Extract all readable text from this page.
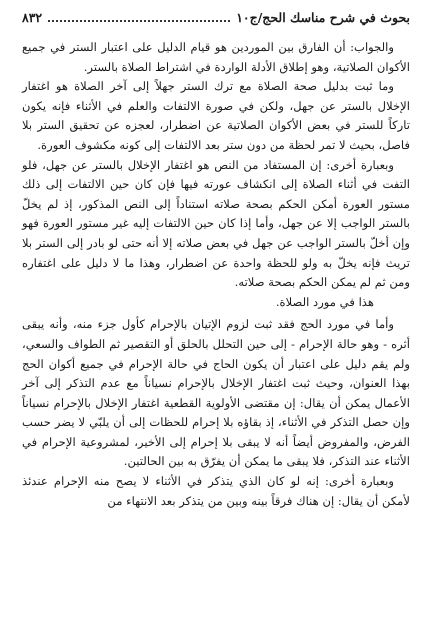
بحوث في شرح مناسك الحج/ج١٠
٨٣٢

والجواب: أن الفارق بين الموردين هو قيام الدليل على اعتبار الستر في جميع الأكوان الصلاتية، وهو إطلاق الأدلة الواردة في اشتراط الصلاة بالستر.

وما ثبت بدليل صحة الصلاة مع ترك الستر جهلاً إلى آخر الصلاة هو اغتفار الإخلال بالستر عن جهل، ولكن في صورة الالتفات والعلم في الأثناء فإنه يكون تاركاً للستر في بعض الأكوان الصلاتية عن اضطرار، لعجزه عن تحقيق الستر بلا فاصل، بحيث لا تمر لحظة من دون ستر بعد الالتفات إلى كونه مكشوف العورة.

وبعبارة أخرى: إن المستفاد من النص هو اغتفار الإخلال بالستر عن جهل، فلو التفت في أثناء الصلاة إلى انكشاف عورته فيها فإن كان حين الالتفات إلى ذلك مستور العورة أمكن الحكم بصحة صلاته استناداً إلى النص المذكور، إذ لم يخلّ بالستر الواجب إلا عن جهل، وأما إذا كان حين الالتفات إليه غير مستور العورة فهو وإن أخلّ بالستر الواجب عن جهل في بعض صلاته إلا أنه حتى لو بادر إلى الستر بلا تريث فإنه يخلّ به ولو للحظة واحدة عن اضطرار، وهذا ما لا دليل على اغتفاره ومن ثم لم يمكن الحكم بصحة صلاته.

هذا في مورد الصلاة.

وأما في مورد الحج فقد ثبت لزوم الإتيان بالإحرام كأول جزء منه، وأنه يبقى أثره - وهو حالة الإحرام - إلى حين التحلل بالحلق أو التقصير ثم الطواف والسعي، ولم يقم دليل على اعتبار أن يكون الحاج في حالة الإحرام في جميع أكوان الحج بهذا العنوان، وحيث ثبت اغتفار الإخلال بالإحرام نسياناً مع عدم التذكر إلى آخر الأعمال يمكن أن يقال: إن مقتضى الأولوية القطعية اغتفار الإخلال بالإحرام نسياناً وإن حصل التذكر في الأثناء، إذ بقاؤه بلا إحرام للحظات إلى أن يلبّي لا يضر حسب الفرض، والمفروض أيضاً أنه لا يبقى بلا إحرام إلى الأخير، لمشروعية الإحرام في الأثناء عند التذكر، فلا يبقى ما يمكن أن يفرّق به بين الحالتين.

وبعبارة أخرى: إنه لو كان الذي يتذكر في الأثناء لا يصح منه الإحرام عندئذ لأمكن أن يقال: إن هناك فرقاً بينه وبين من يتذكر بعد الانتهاء من
